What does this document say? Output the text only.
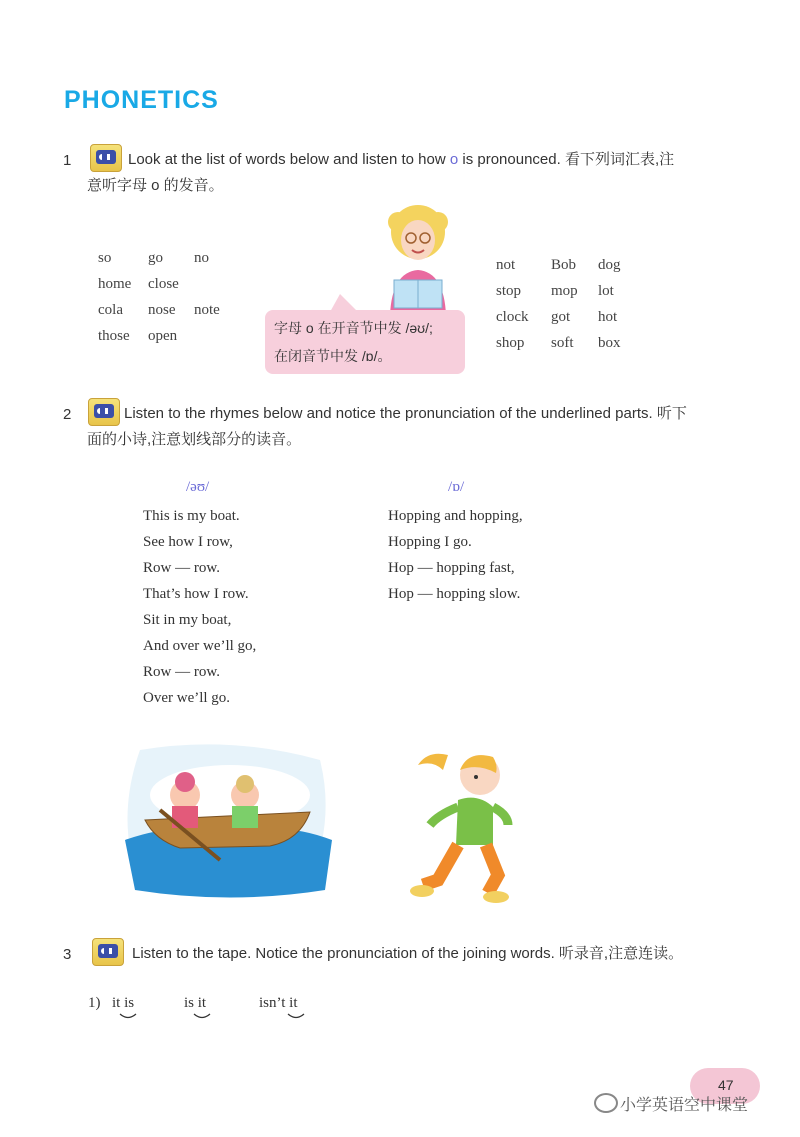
PHONETICS
1	Look at the list of words below and listen to how o is pronounced. 看下列词汇表,注
意听字母 o 的发音。
so go no
home close
cola nose note
those open	字母 o 在开音节中发 /əʊ/;
在闭音节中发 /ɒ/。
not Bob dog
stop mop lot
clock got hot
shop soft box
2	Listen to the rhymes below and notice the pronunciation of the underlined parts. 听下
面的小诗,注意划线部分的读音。
/əʊ/	/ɒ/
This is my boat.
See how I row,
Row — row.
That’s how I row.
Sit in my boat,
And over we’ll go,
Row — row.
Over we’ll go.
Hopping and hopping,
Hopping I go.
Hop — hopping fast,
Hop — hopping slow.
3	Listen to the tape. Notice the pronunciation of the joining words. 听录音,注意连读。
1) it is	is it	isn’t it
47
小学英语空中课堂
